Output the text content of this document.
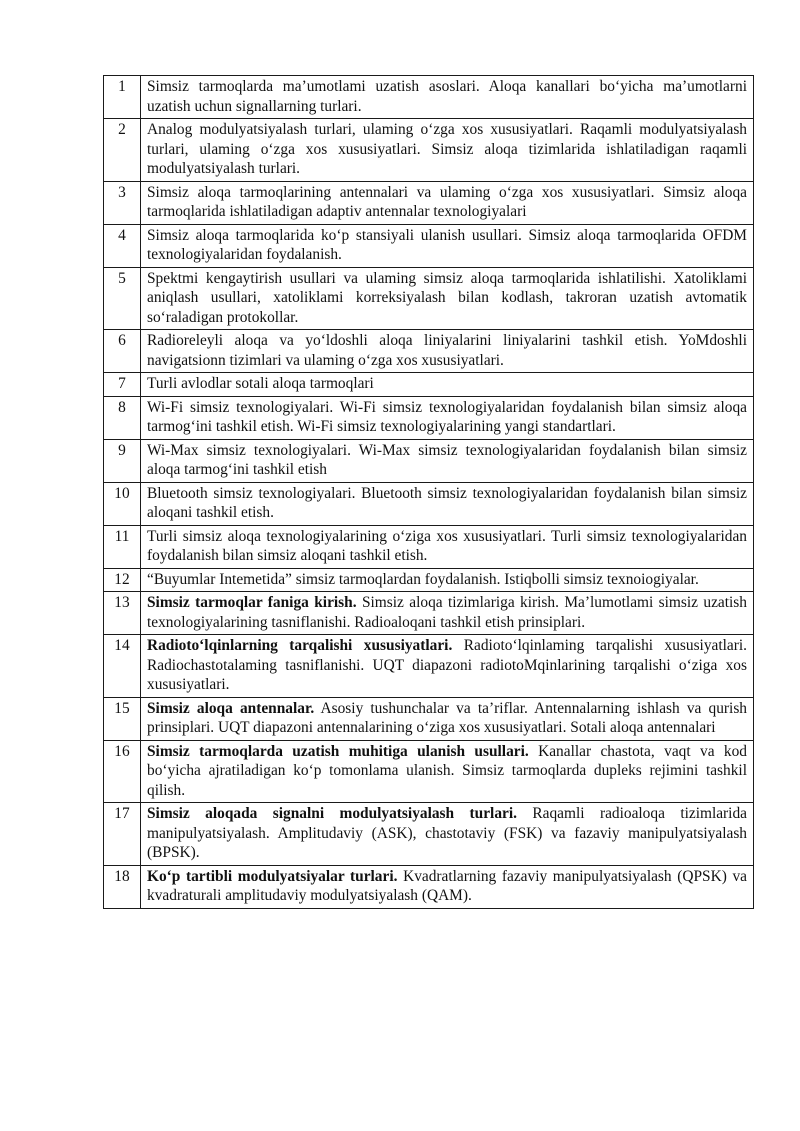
1	Simsiz tarmoqlarda ma’umotlami uzatish asoslari. Aloqa kanallari bo‘yicha ma’umotlarni uzatish uchun signallarning turlari.
2	Analog modulyatsiyalash turlari, ulaming o‘zga xos xususiyatlari. Raqamli modulyatsiyalash turlari, ulaming o‘zga xos xususiyatlari. Simsiz aloqa tizimlarida ishlatiladigan raqamli modulyatsiyalash turlari.
3	Simsiz aloqa tarmoqlarining antennalari va ulaming o‘zga xos xususiyatlari. Simsiz aloqa tarmoqlarida ishlatiladigan adaptiv antennalar texnologiyalari
4	Simsiz aloqa tarmoqlarida ko‘p stansiyali ulanish usullari. Simsiz aloqa tarmoqlarida OFDM texnologiyalaridan foydalanish.
5	Spektmi kengaytirish usullari va ulaming simsiz aloqa tarmoqlarida ishlatilishi. Xatoliklami aniqlash usullari, xatoliklami korreksiyalash bilan kodlash, takroran uzatish avtomatik so‘raladigan protokollar.
6	Radioreleyli aloqa va yo‘ldoshli aloqa liniyalarini liniyalarini tashkil etish. YoMdoshli navigatsionn tizimlari va ulaming o‘zga xos xususiyatlari.
7	Turli avlodlar sotali aloqa tarmoqlari
8	Wi-Fi simsiz texnologiyalari. Wi-Fi simsiz texnologiyalaridan foydalanish bilan simsiz aloqa tarmog‘ini tashkil etish. Wi-Fi simsiz texnologiyalarining yangi standartlari.
9	Wi-Max simsiz texnologiyalari. Wi-Max simsiz texnologiyalaridan foydalanish bilan simsiz aloqa tarmog‘ini tashkil etish
10	Bluetooth simsiz texnologiyalari. Bluetooth simsiz texnologiyalaridan foydalanish bilan simsiz aloqani tashkil etish.
11	Turli simsiz aloqa texnologiyalarining o‘ziga xos xususiyatlari. Turli simsiz texnologiyalaridan foydalanish bilan simsiz aloqani tashkil etish.
12	“Buyumlar Intemetida” simsiz tarmoqlardan foydalanish. Istiqbolli simsiz texnoiogiyalar.
13	Simsiz tarmoqlar faniga kirish. Simsiz aloqa tizimlariga kirish. Ma’lumotlami simsiz uzatish texnologiyalarining tasniflanishi. Radioaloqani tashkil etish prinsiplari.
14	Radioto‘lqinlarning tarqalishi xususiyatlari. Radioto‘lqinlaming tarqalishi xususiyatlari. Radiochastotalaming tasniflanishi. UQT diapazoni radiotoMqinlarining tarqalishi o‘ziga xos xususiyatlari.
15	Simsiz aloqa antennalar. Asosiy tushunchalar va ta’riflar. Antennalarning ishlash va qurish prinsiplari. UQT diapazoni antennalarining o‘ziga xos xususiyatlari. Sotali aloqa antennalari
16	Simsiz tarmoqlarda uzatish muhitiga ulanish usullari. Kanallar chastota, vaqt va kod bo‘yicha ajratiladigan ko‘p tomonlama ulanish. Simsiz tarmoqlarda dupleks rejimini tashkil qilish.
17	Simsiz aloqada signalni modulyatsiyalash turlari. Raqamli radioaloqa tizimlarida manipulyatsiyalash. Amplitudaviy (ASK), chastotaviy (FSK) va fazaviy manipulyatsiyalash (BPSK).
18	Ko‘p tartibli modulyatsiyalar turlari. Kvadratlarning fazaviy manipulyatsiyalash (QPSK) va kvadraturali amplitudaviy modulyatsiyalash (QAM).
